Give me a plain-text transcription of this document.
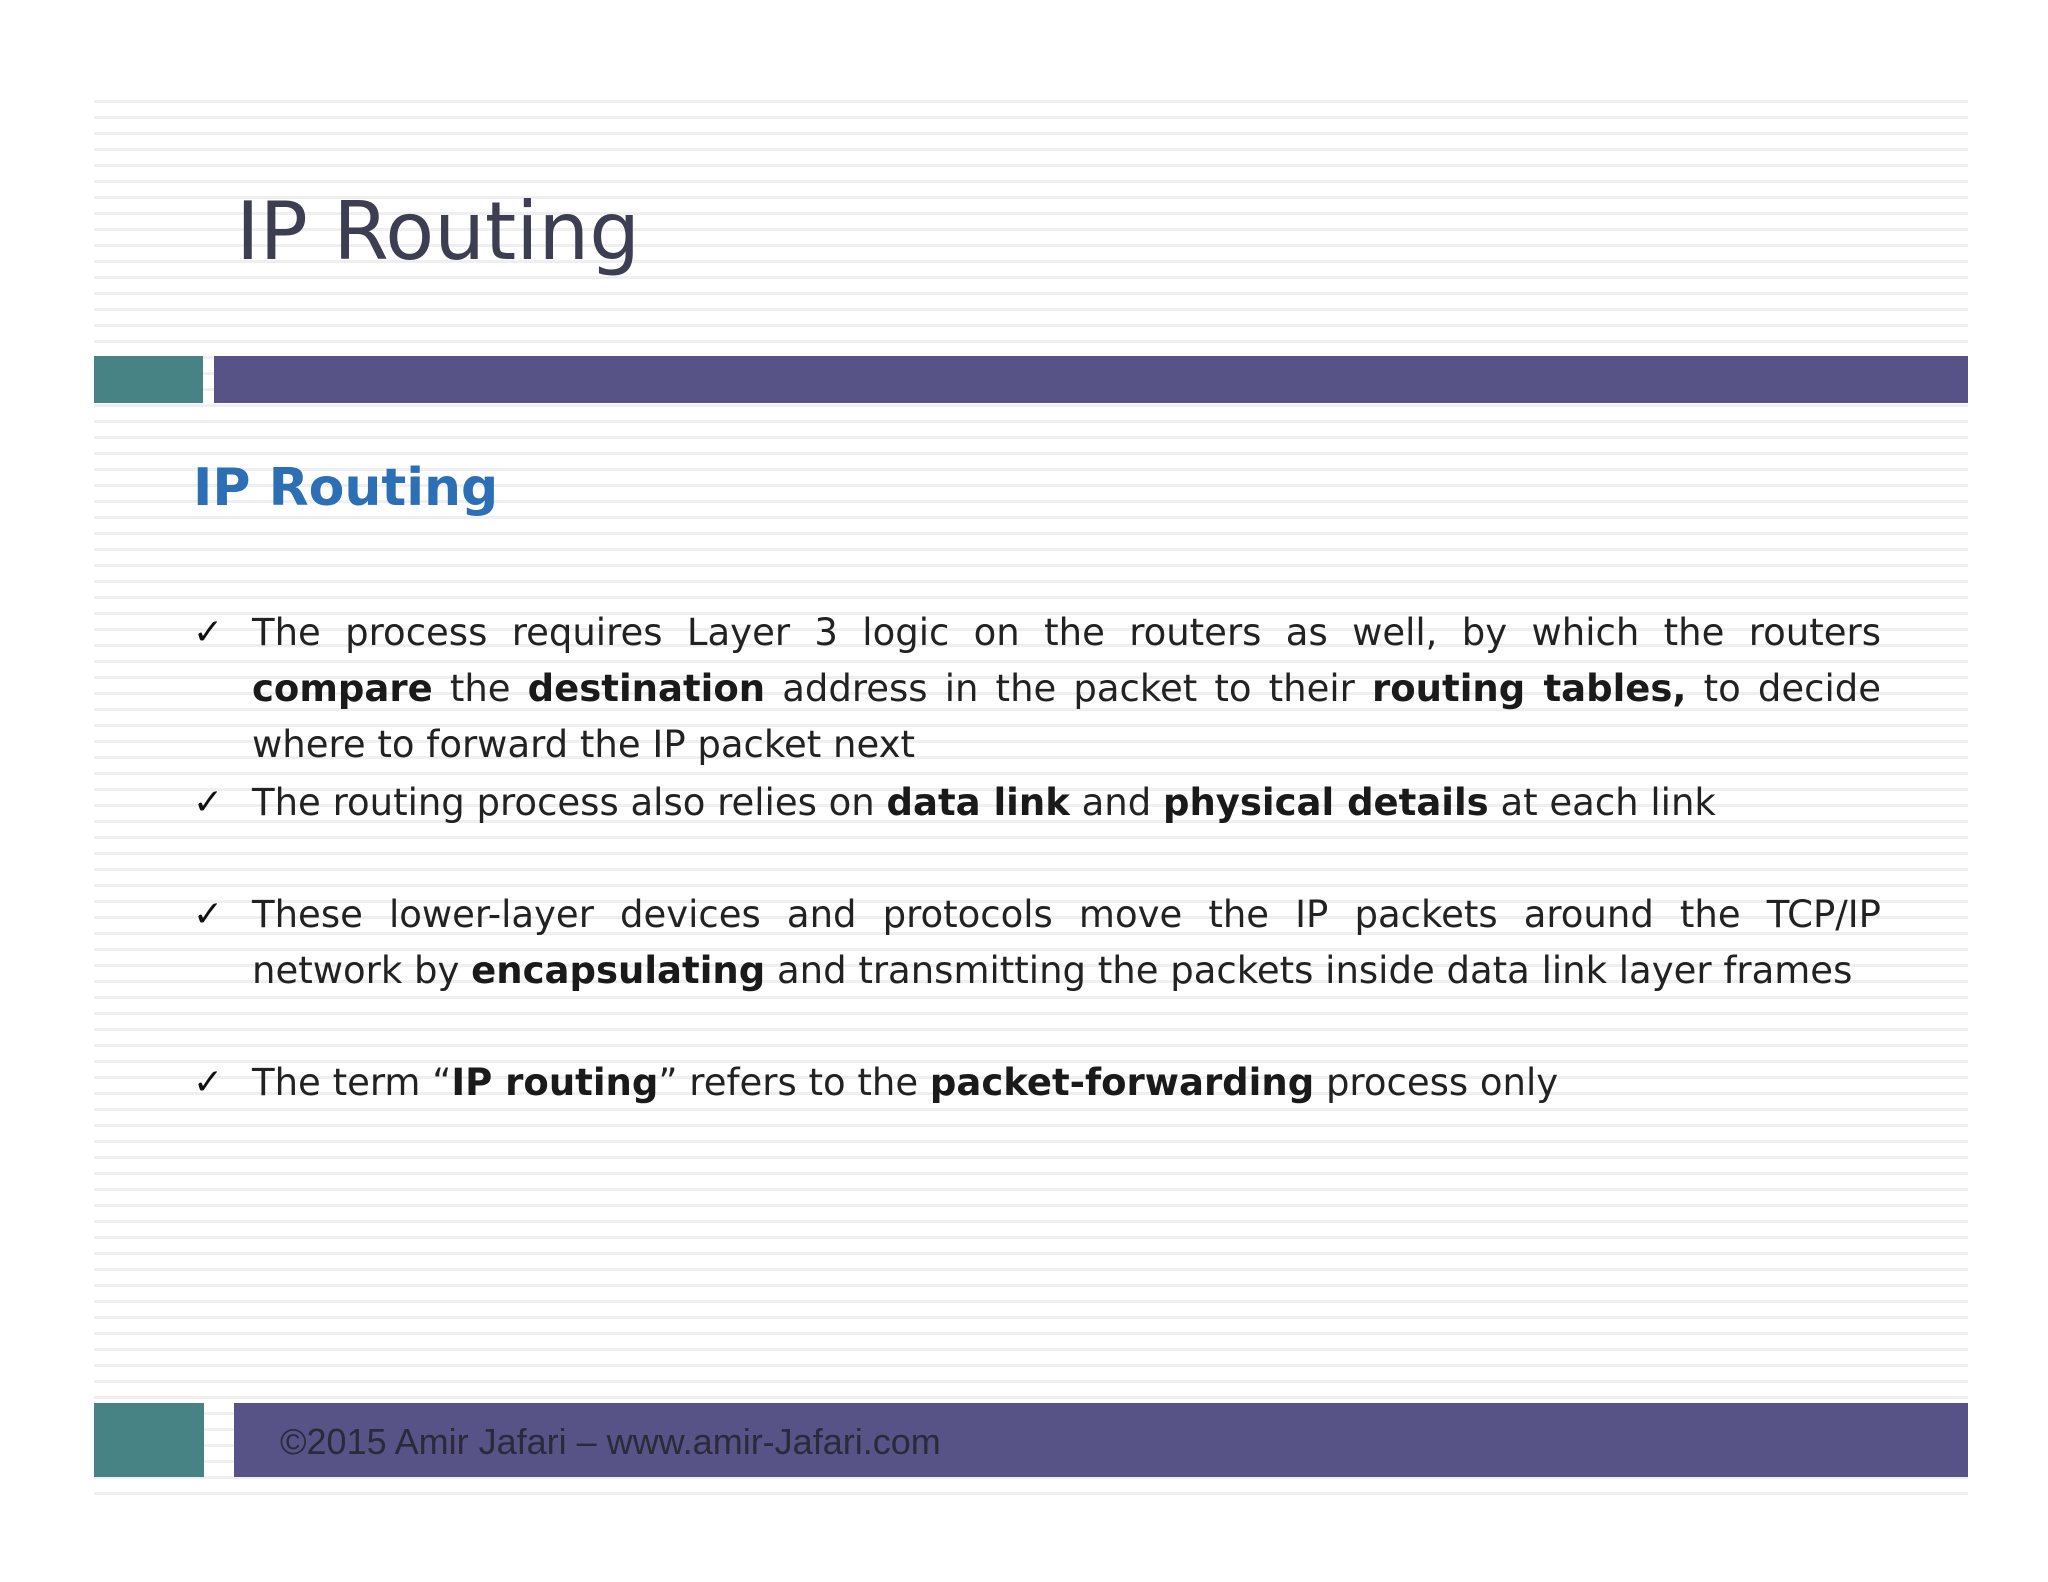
IP Routing
IP Routing
✓ The process requires Layer 3 logic on the routers as well, by which the routers compare the destination address in the packet to their routing tables, to decide where to forward the IP packet next
✓ The routing process also relies on data link and physical details at each link
✓ These lower-layer devices and protocols move the IP packets around the TCP/IP network by encapsulating and transmitting the packets inside data link layer frames
✓ The term “IP routing” refers to the packet-forwarding process only
©2015 Amir Jafari – www.amir-Jafari.com
